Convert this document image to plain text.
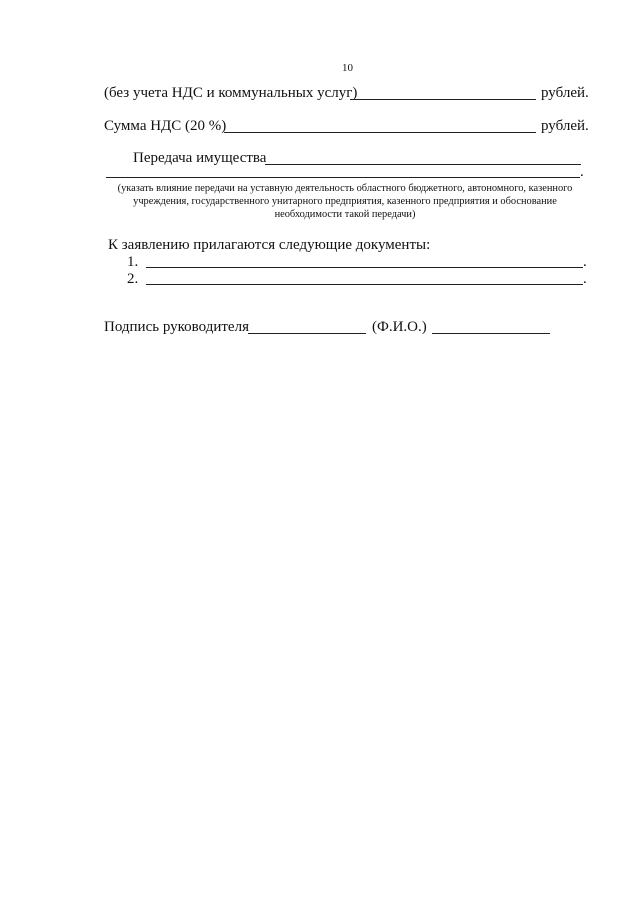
10
(без учета НДС и коммунальных услуг)	рублей.
Сумма НДС (20 %)	рублей.
Передача имущества
.
(указать влияние передачи на уставную деятельность областного бюджетного, автономного, казенного учреждения, государственного унитарного предприятия, казенного предприятия и обоснование необходимости такой передачи)
К заявлению прилагаются следующие документы:
1.	.
2.	.
Подпись руководителя	(Ф.И.О.)
